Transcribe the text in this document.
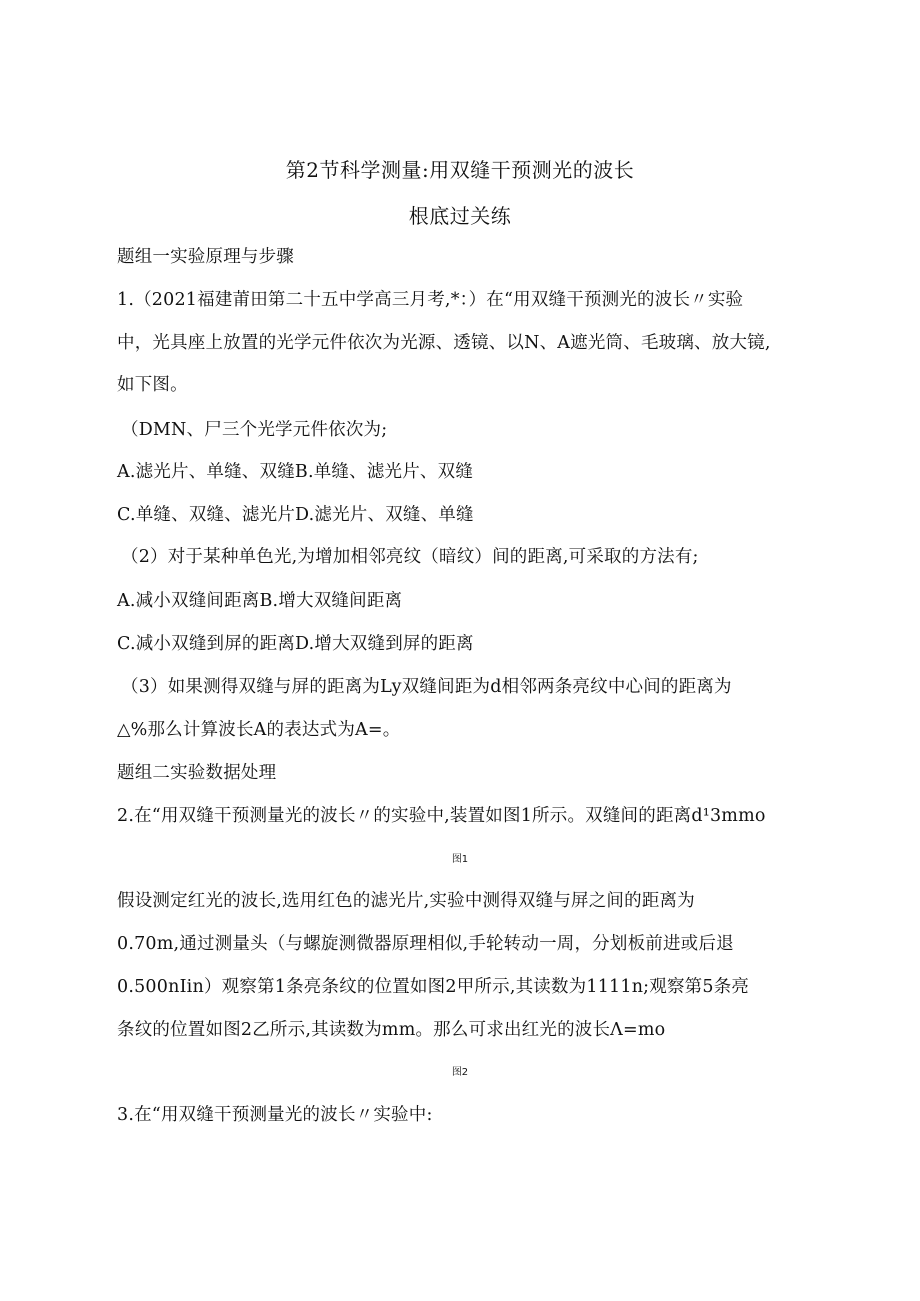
第2节科学测量:用双缝干预测光的波长
根底过关练
题组一实验原理与步骤
1.（2021福建莆田第二十五中学高三月考,*：）在“用双缝干预测光的波长〃实验
中，光具座上放置的光学元件依次为光源、透镜、以N、A遮光筒、毛玻璃、放大镜,
如下图。
（DMN、尸三个光学元件依次为;
A.滤光片、单缝、双缝B.单缝、滤光片、双缝
C.单缝、双缝、滤光片D.滤光片、双缝、单缝
（2）对于某种单色光,为增加相邻亮纹（暗纹）间的距离,可采取的方法有;
A.减小双缝间距离B.增大双缝间距离
C.减小双缝到屏的距离D.增大双缝到屏的距离
（3）如果测得双缝与屏的距离为Ly双缝间距为d相邻两条亮纹中心间的距离为
△%那么计算波长A的表达式为A=。
题组二实验数据处理
2.在“用双缝干预测量光的波长〃的实验中,装置如图1所示。双缝间的距离d¹3mmo
图1
假设测定红光的波长,选用红色的滤光片,实验中测得双缝与屏之间的距离为
0.70m,通过测量头（与螺旋测微器原理相似,手轮转动一周，分划板前进或后退
0.500nIin）观察第1条亮条纹的位置如图2甲所示,其读数为1111n;观察第5条亮
条纹的位置如图2乙所示,其读数为mm。那么可求出红光的波长Λ=mo
图2
3.在“用双缝干预测量光的波长〃实验中:
